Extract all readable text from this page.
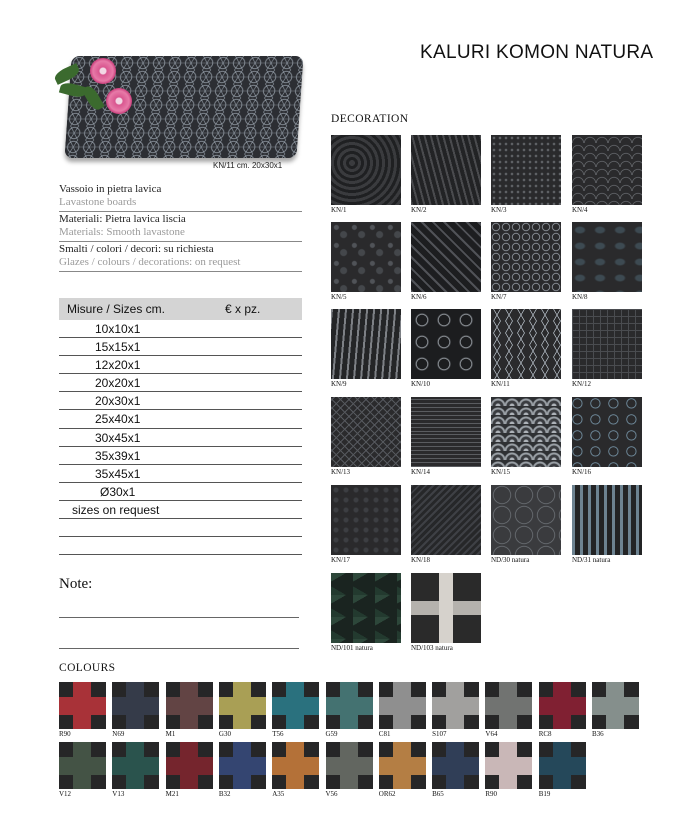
KALURI KOMON NATURA
KN/11 cm. 20x30x1
Vassoio in pietra lavica
Lavastone boards
Materiali: Pietra lavica liscia
Materials: Smooth lavastone
Smalti / colori / decori: su richiesta
Glazes / colours / decorations: on request
Misure / Sizes cm.	€ x pz.
10x10x1
15x15x1
12x20x1
20x20x1
20x30x1
25x40x1
30x45x1
35x39x1
35x45x1
Ø30x1
sizes on request
Note:
DECORATION
KN/1	KN/2	KN/3	KN/4
KN/5	KN/6	KN/7	KN/8
KN/9	KN/10	KN/11	KN/12
KN/13	KN/14	KN/15	KN/16
KN/17	KN/18	ND/30 natura	ND/31 natura
ND/101 natura	ND/103 natura
COLOURS
R90	N69	M1	G30	T56	G59	C81	S107	V64	RC8	B36
V12	V13	M21	B32	A35	V56	OR62	B65	R90	B19
